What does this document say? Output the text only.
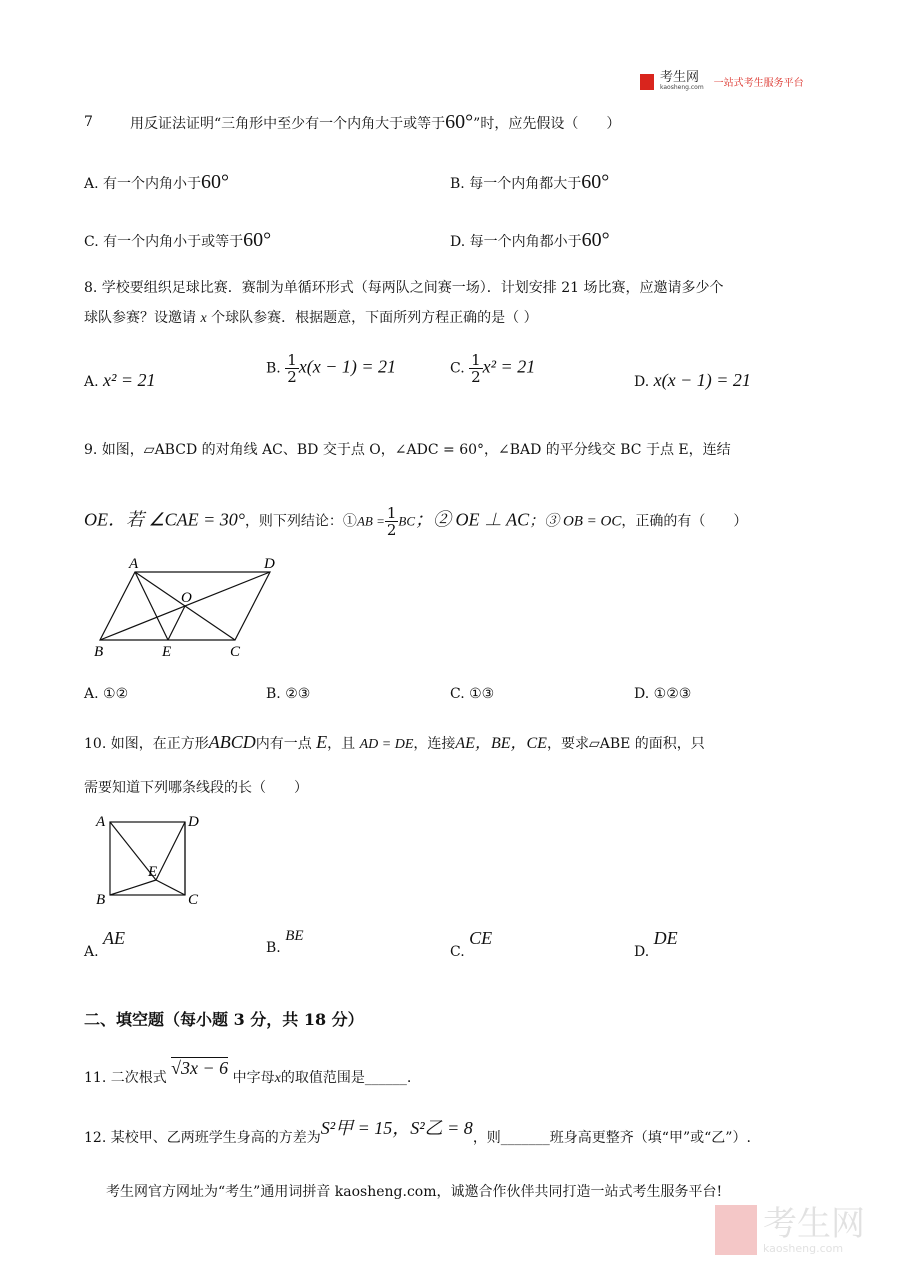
考生网
kaosheng.com 一站式考生服务平台
7	用反证法证明“三角形中至少有一个内角大于或等于60°”时，应先假设（　　）
A. 有一个内角小于60°	B. 每一个内角都大于60°
C. 有一个内角小于或等于60°	D. 每一个内角都小于60°
8. 学校要组织足球比赛．赛制为单循环形式（每两队之间赛一场）．计划安排 21 场比赛，应邀请多少个
球队参赛？设邀请 x 个球队参赛．根据题意，下面所列方程正确的是（ ）
A. x² = 21
B. $\frac{1}{2} x(x - 1) = 21$	C. $\frac{1}{2} x^2 = 21$
D. x(x − 1) = 21
9. 如图，▱ABCD 的对角线 AC、BD 交于点 O，∠ADC = 60°，∠BAD 的平分线交 BC 于点 E，连结
OE．若 ∠CAE = 30°，则下列结论：①AB = $\frac{1}{2}$ BC；② OE ⊥ AC；③ OB = OC，正确的有（　　）
A	D
O
B	E	C
A. ①②	B. ②③	C. ①③	D. ①②③
10. 如图，在正方形ABCD内有一点 E，且 AD = DE，连接AE，BE，CE，要求▱ABE 的面积，只
需要知道下列哪条线段的长（　　）
A	D
E
B	C
A. AE	B. BE
C. CE
D. DE
二、填空题（每小题 3 分，共 18 分）
11. 二次根式 √3x − 6 中字母x的取值范围是______.
12. 某校甲、乙两班学生身高的方差为S²甲 = 15，S²乙 = 8，则_______班身高更整齐（填“甲”或“乙”）.
考生网官方网址为“考生”通用词拼音 kaosheng.com，诚邀合作伙伴共同打造一站式考生服务平台!
考生网
kaosheng.com
